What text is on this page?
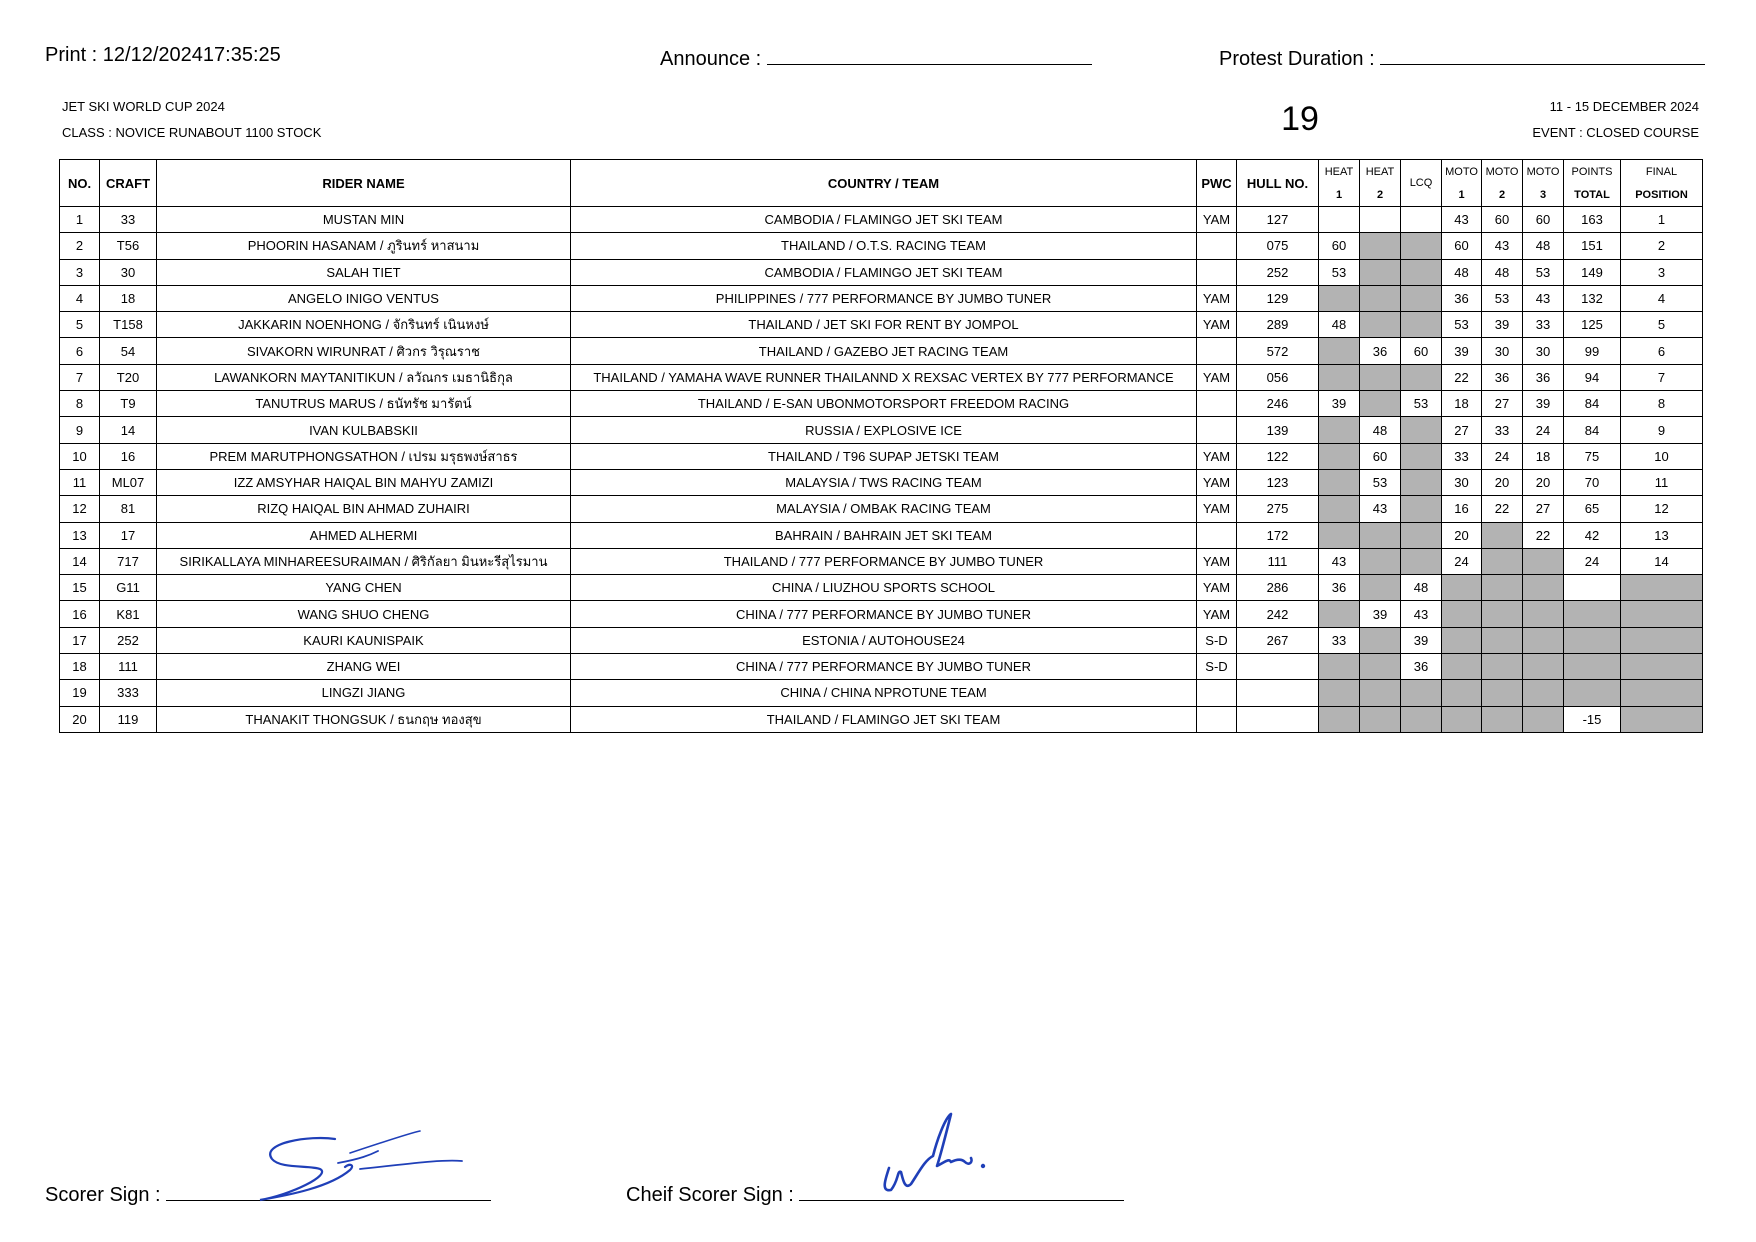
Print : 12/12/202417:35:25	Announce :	Protest Duration :
JET SKI WORLD CUP 2024
CLASS : NOVICE RUNABOUT 1100 STOCK	19	11 - 15 DECEMBER 2024
EVENT : CLOSED COURSE
NO.	CRAFT	RIDER NAME	COUNTRY / TEAM	PWC	HULL NO.	HEAT	HEAT	LCQ	MOTO	MOTO	MOTO	POINTS	FINAL
						1	2		1	2	3	TOTAL	POSITION
1	33	MUSTAN MIN	CAMBODIA / FLAMINGO JET SKI TEAM	YAM	127				43	60	60	163	1
2	T56	PHOORIN HASANAM / ภูรินทร์ หาสนาม	THAILAND / O.T.S. RACING TEAM		075	60			60	43	48	151	2
3	30	SALAH TIET	CAMBODIA / FLAMINGO JET SKI TEAM		252	53			48	48	53	149	3
4	18	ANGELO INIGO VENTUS	PHILIPPINES / 777 PERFORMANCE BY JUMBO TUNER	YAM	129				36	53	43	132	4
5	T158	JAKKARIN NOENHONG / จักรินทร์ เนินหงษ์	THAILAND / JET SKI FOR RENT BY JOMPOL	YAM	289	48			53	39	33	125	5
6	54	SIVAKORN WIRUNRAT / ศิวกร วิรุณราช	THAILAND / GAZEBO JET RACING TEAM		572		36	60	39	30	30	99	6
7	T20	LAWANKORN MAYTANITIKUN / ลวัณกร เมธานิธิกุล	THAILAND / YAMAHA WAVE RUNNER THAILANND X REXSAC VERTEX BY 777 PERFORMANCE	YAM	056				22	36	36	94	7
8	T9	TANUTRUS MARUS / ธนัทรัช มารัตน์	THAILAND / E-SAN UBONMOTORSPORT FREEDOM RACING		246	39		53	18	27	39	84	8
9	14	IVAN KULBABSKII	RUSSIA / EXPLOSIVE ICE		139		48		27	33	24	84	9
10	16	PREM MARUTPHONGSATHON / เปรม มรุธพงษ์สาธร	THAILAND / T96 SUPAP JETSKI TEAM	YAM	122		60		33	24	18	75	10
11	ML07	IZZ AMSYHAR HAIQAL BIN MAHYU ZAMIZI	MALAYSIA / TWS RACING TEAM	YAM	123		53		30	20	20	70	11
12	81	RIZQ HAIQAL BIN AHMAD ZUHAIRI	MALAYSIA / OMBAK RACING TEAM	YAM	275		43		16	22	27	65	12
13	17	AHMED ALHERMI	BAHRAIN / BAHRAIN JET SKI TEAM		172				20		22	42	13
14	717	SIRIKALLAYA MINHAREESURAIMAN / ศิริกัลยา มินหะรีสุไรมาน	THAILAND / 777 PERFORMANCE BY JUMBO TUNER	YAM	111	43			24			24	14
15	G11	YANG CHEN	CHINA / LIUZHOU SPORTS SCHOOL	YAM	286	36		48					
16	K81	WANG SHUO CHENG	CHINA / 777 PERFORMANCE BY JUMBO TUNER	YAM	242		39	43					
17	252	KAURI KAUNISPAIK	ESTONIA / AUTOHOUSE24	S-D	267	33		39					
18	111	ZHANG WEI	CHINA / 777 PERFORMANCE BY JUMBO TUNER	S-D				36					
19	333	LINGZI JIANG	CHINA / CHINA NPROTUNE TEAM										
20	119	THANAKIT THONGSUK / ธนกฤษ ทองสุข	THAILAND / FLAMINGO JET SKI TEAM									-15	
Scorer Sign :	Cheif Scorer Sign :
